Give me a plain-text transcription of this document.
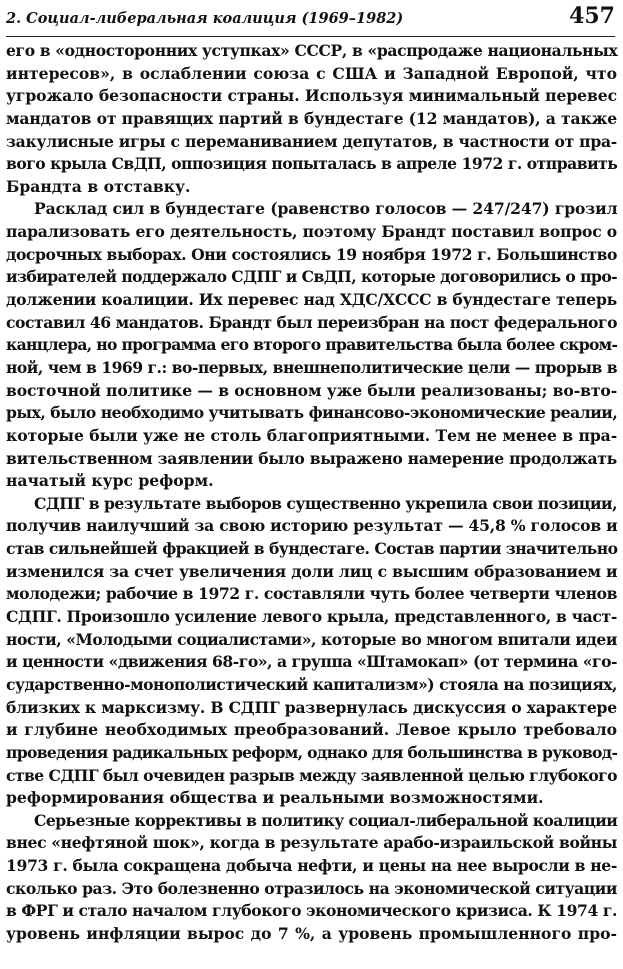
2. Социал-либеральная коалиция (1969–1982)	457
его в «односторонних уступках» СССР, в «распродаже национальных
интересов», в ослаблении союза с США и Западной Европой, что
угрожало безопасности страны. Используя минимальный перевес
мандатов от правящих партий в бундестаге (12 мандатов), а также
закулисные игры с переманиванием депутатов, в частности от пра-
вого крыла СвДП, оппозиция попыталась в апреле 1972 г. отправить
Брандта в отставку.
Расклад сил в бундестаге (равенство голосов — 247/247) грозил
парализовать его деятельность, поэтому Брандт поставил вопрос о
досрочных выборах. Они состоялись 19 ноября 1972 г. Большинство
избирателей поддержало СДПГ и СвДП, которые договорились о про-
должении коалиции. Их перевес над ХДС/ХССС в бундестаге теперь
составил 46 мандатов. Брандт был переизбран на пост федерального
канцлера, но программа его второго правительства была более скром-
ной, чем в 1969 г.: во-первых, внешнеполитические цели — прорыв в
восточной политике — в основном уже были реализованы; во-вто-
рых, было необходимо учитывать финансово-экономические реалии,
которые были уже не столь благоприятными. Тем не менее в пра-
вительственном заявлении было выражено намерение продолжать
начатый курс реформ.
СДПГ в результате выборов существенно укрепила свои позиции,
получив наилучший за свою историю результат — 45,8 % голосов и
став сильнейшей фракцией в бундестаге. Состав партии значительно
изменился за счет увеличения доли лиц с высшим образованием и
молодежи; рабочие в 1972 г. составляли чуть более четверти членов
СДПГ. Произошло усиление левого крыла, представленного, в част-
ности, «Молодыми социалистами», которые во многом впитали идеи
и ценности «движения 68-го», а группа «Штамокап» (от термина «го-
сударственно-монополистический капитализм») стояла на позициях,
близких к марксизму. В СДПГ развернулась дискуссия о характере
и глубине необходимых преобразований. Левое крыло требовало
проведения радикальных реформ, однако для большинства в руковод-
стве СДПГ был очевиден разрыв между заявленной целью глубокого
реформирования общества и реальными возможностями.
Серьезные коррективы в политику социал-либеральной коалиции
внес «нефтяной шок», когда в результате арабо-израильской войны
1973 г. была сокращена добыча нефти, и цены на нее выросли в не-
сколько раз. Это болезненно отразилось на экономической ситуации
в ФРГ и стало началом глубокого экономического кризиса. К 1974 г.
уровень инфляции вырос до 7 %, а уровень промышленного про-
